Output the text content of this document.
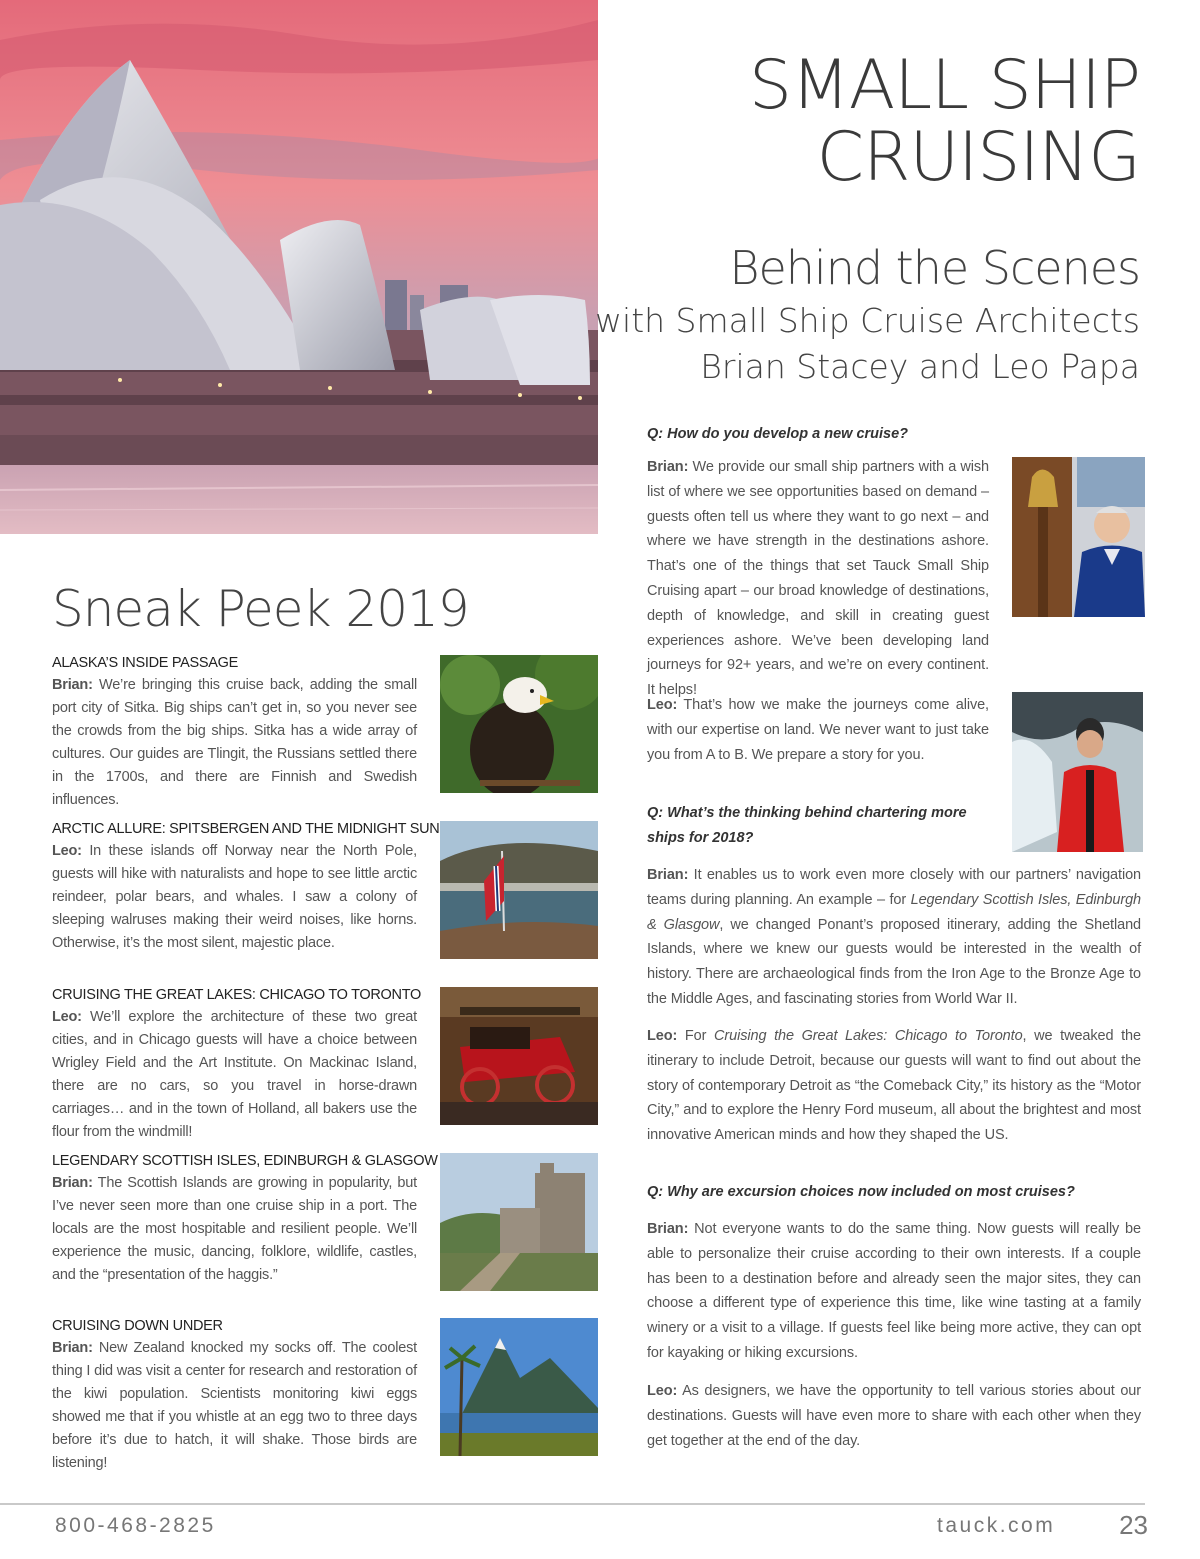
SMALL SHIP
CRUISING
Behind the Scenes
with Small Ship Cruise Architects
Brian Stacey and Leo Papa
Sneak Peek 2019
ALASKA’S INSIDE PASSAGE

Brian: We’re bringing this cruise back, adding the small port city of Sitka. Big ships can’t get in, so you never see the crowds from the big ships. Sitka has a wide array of cultures. Our guides are Tlingit, the Russians settled there in the 1700s, and there are Finnish and Swedish influences.

ARCTIC ALLURE: SPITSBERGEN AND THE MIDNIGHT SUN

Leo: In these islands off Norway near the North Pole, guests will hike with naturalists and hope to see little arctic reindeer, polar bears, and whales. I saw a colony of sleeping walruses making their weird noises, like horns. Otherwise, it’s the most silent, majestic place.

CRUISING THE GREAT LAKES: CHICAGO TO TORONTO

Leo: We’ll explore the architecture of these two great cities, and in Chicago guests will have a choice between Wrigley Field and the Art Institute. On Mackinac Island, there are no cars, so you travel in horse-drawn carriages… and in the town of Holland, all bakers use the flour from the windmill!

LEGENDARY SCOTTISH ISLES, EDINBURGH & GLASGOW

Brian: The Scottish Islands are growing in popularity, but I’ve never seen more than one cruise ship in a port. The locals are the most hospitable and resilient people. We’ll experience the music, dancing, folklore, wildlife, castles, and the “presentation of the haggis.”

CRUISING DOWN UNDER

Brian: New Zealand knocked my socks off. The coolest thing I did was visit a center for research and restoration of the kiwi population. Scientists monitoring kiwi eggs showed me that if you whistle at an egg two to three days before it’s due to hatch, it will shake. Those birds are listening!

Q: How do you develop a new cruise?

Brian: We provide our small ship partners with a wish list of where we see opportunities based on demand – guests often tell us where they want to go next – and where we have strength in the destinations ashore. That’s one of the things that set Tauck Small Ship Cruising apart – our broad knowledge of destinations, depth of knowledge, and skill in creating guest experiences ashore. We’ve been developing land journeys for 92+ years, and we’re on every continent. It helps!

Leo: That’s how we make the journeys come alive, with our expertise on land. We never want to just take you from A to B. We prepare a story for you.

Q: What’s the thinking behind chartering more ships for 2018?

Brian: It enables us to work even more closely with our partners’ navigation teams during planning. An example – for Legendary Scottish Isles, Edinburgh & Glasgow, we changed Ponant’s proposed itinerary, adding the Shetland Islands, where we knew our guests would be interested in the wealth of history. There are archaeological finds from the Iron Age to the Bronze Age to the Middle Ages, and fascinating stories from World War II.

Leo: For Cruising the Great Lakes: Chicago to Toronto, we tweaked the itinerary to include Detroit, because our guests will want to find out about the story of contemporary Detroit as “the Comeback City,” its history as the “Motor City,” and to explore the Henry Ford museum, all about the brightest and most innovative American minds and how they shaped the US.

Q: Why are excursion choices now included on most cruises?

Brian: Not everyone wants to do the same thing. Now guests will really be able to personalize their cruise according to their own interests. If a couple has been to a destination before and already seen the major sites, they can choose a different type of experience this time, like wine tasting at a family winery or a visit to a village. If guests feel like being more active, they can opt for kayaking or hiking excursions.

Leo: As designers, we have the opportunity to tell various stories about our destinations. Guests will have even more to share with each other when they get together at the end of the day.

800-468-2825	tauck.com 23
